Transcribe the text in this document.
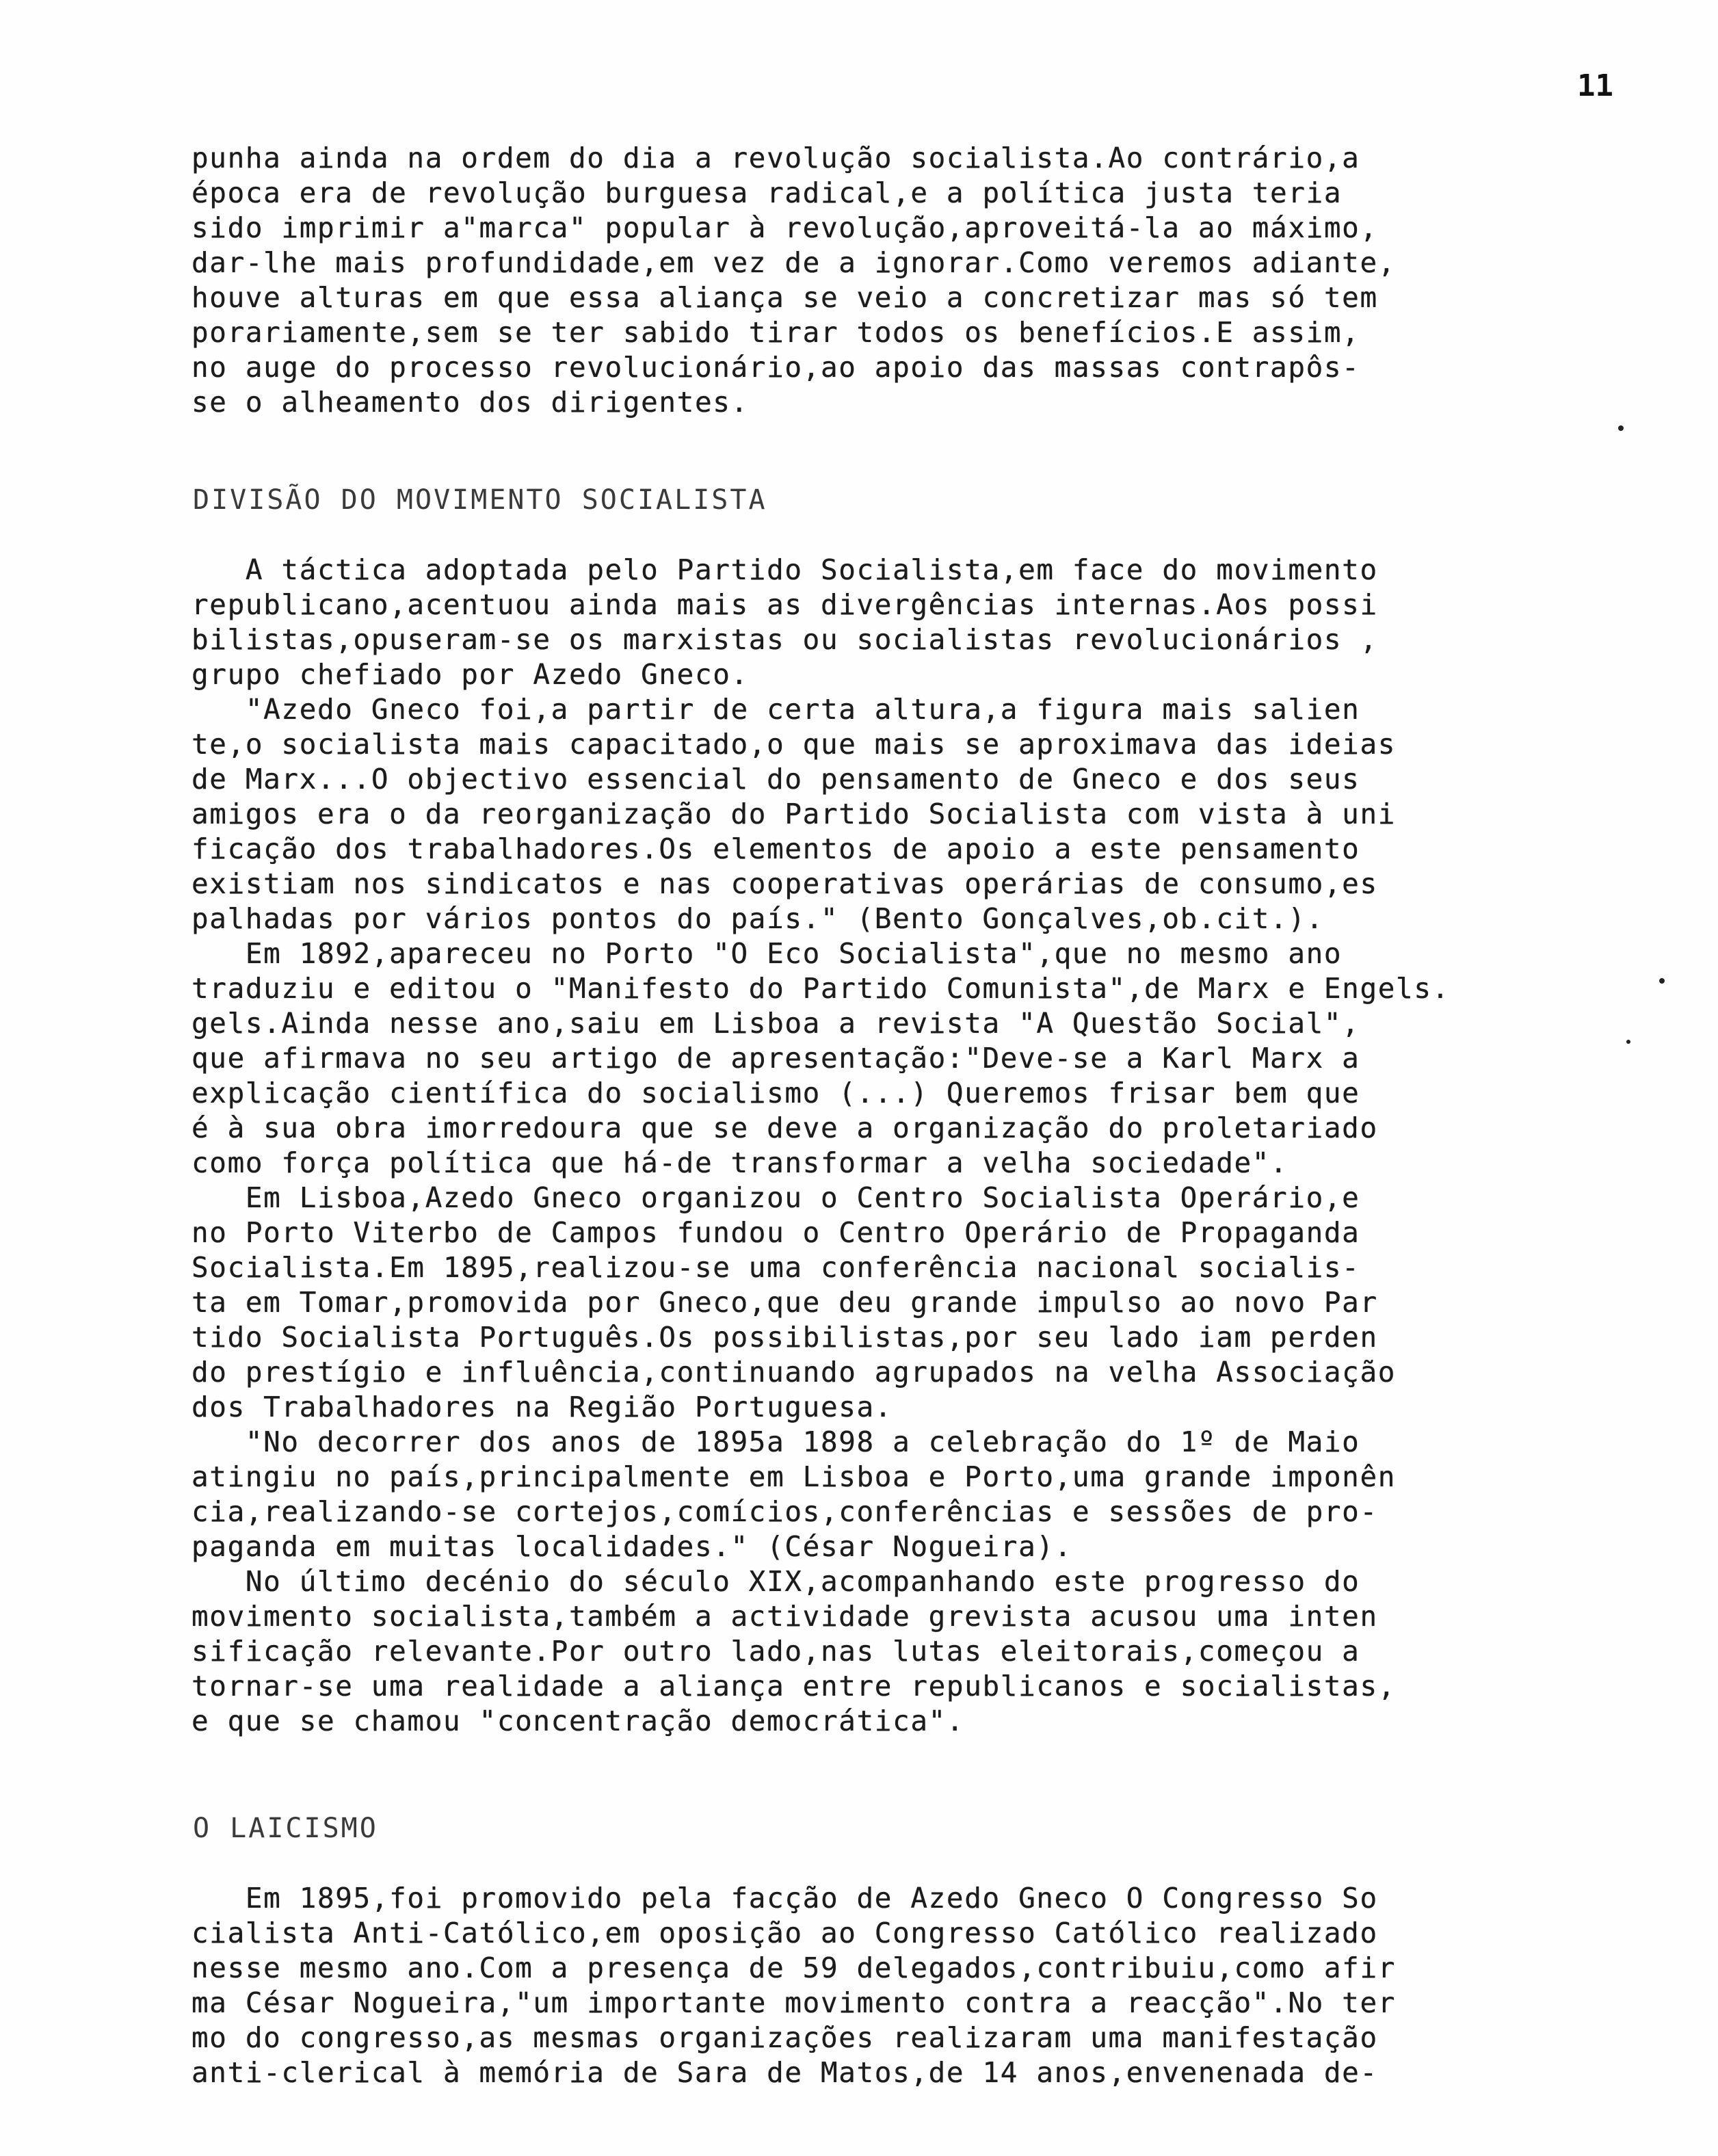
11
punha ainda na ordem do dia a revolução socialista.Ao contrário,a
época era de revolução burguesa radical,e a política justa teria
sido imprimir a"marca" popular à revolução,aproveitá-la ao máximo,
dar-lhe mais profundidade,em vez de a ignorar.Como veremos adiante,
houve alturas em que essa aliança se veio a concretizar mas só tem
porariamente,sem se ter sabido tirar todos os benefícios.E assim,
no auge do processo revolucionário,ao apoio das massas contrapôs-
se o alheamento dos dirigentes.
DIVISÃO DO MOVIMENTO SOCIALISTA
A táctica adoptada pelo Partido Socialista,em face do movimento
republicano,acentuou ainda mais as divergências internas.Aos possi
bilistas,opuseram-se os marxistas ou socialistas revolucionários ,
grupo chefiado por Azedo Gneco.
"Azedo Gneco foi,a partir de certa altura,a figura mais salien
te,o socialista mais capacitado,o que mais se aproximava das ideias
de Marx...O objectivo essencial do pensamento de Gneco e dos seus
amigos era o da reorganização do Partido Socialista com vista à uni
ficação dos trabalhadores.Os elementos de apoio a este pensamento
existiam nos sindicatos e nas cooperativas operárias de consumo,es
palhadas por vários pontos do país." (Bento Gonçalves,ob.cit.).
Em 1892,apareceu no Porto "O Eco Socialista",que no mesmo ano
traduziu e editou o "Manifesto do Partido Comunista",de Marx e Engels.
gels.Ainda nesse ano,saiu em Lisboa a revista "A Questão Social",
que afirmava no seu artigo de apresentação:"Deve-se a Karl Marx a
explicação científica do socialismo (...) Queremos frisar bem que
é à sua obra imorredoura que se deve a organização do proletariado
como força política que há-de transformar a velha sociedade".
Em Lisboa,Azedo Gneco organizou o Centro Socialista Operário,e
no Porto Viterbo de Campos fundou o Centro Operário de Propaganda
Socialista.Em 1895,realizou-se uma conferência nacional socialis-
ta em Tomar,promovida por Gneco,que deu grande impulso ao novo Par
tido Socialista Português.Os possibilistas,por seu lado iam perden
do prestígio e influência,continuando agrupados na velha Associação
dos Trabalhadores na Região Portuguesa.
"No decorrer dos anos de 1895a 1898 a celebração do 1º de Maio
atingiu no país,principalmente em Lisboa e Porto,uma grande imponên
cia,realizando-se cortejos,comícios,conferências e sessões de pro-
paganda em muitas localidades." (César Nogueira).
No último decénio do século XIX,acompanhando este progresso do
movimento socialista,também a actividade grevista acusou uma inten
sificação relevante.Por outro lado,nas lutas eleitorais,começou a
tornar-se uma realidade a aliança entre republicanos e socialistas,
e que se chamou "concentração democrática".
O LAICISMO
Em 1895,foi promovido pela facção de Azedo Gneco O Congresso So
cialista Anti-Católico,em oposição ao Congresso Católico realizado
nesse mesmo ano.Com a presença de 59 delegados,contribuiu,como afir
ma César Nogueira,"um importante movimento contra a reacção".No ter
mo do congresso,as mesmas organizações realizaram uma manifestação
anti-clerical à memória de Sara de Matos,de 14 anos,envenenada de-
